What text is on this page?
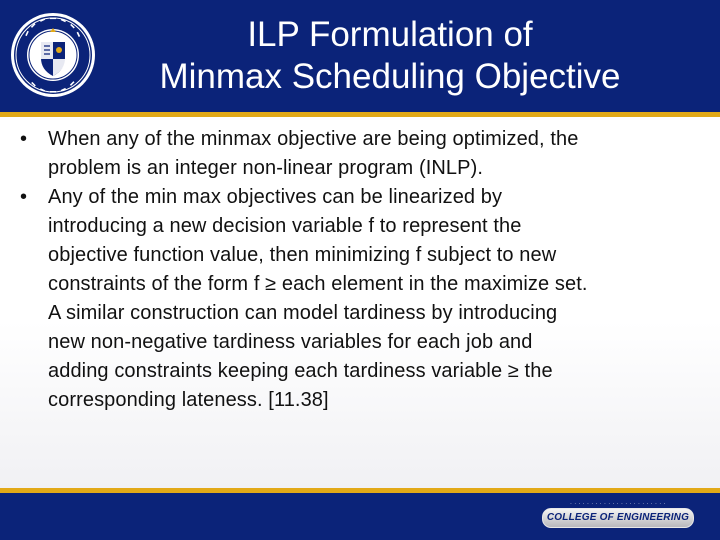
ILP Formulation of
Minmax Scheduling Objective
•	When any of the minmax objective are being optimized, the
problem is an integer non-linear program (INLP).
•	Any of the min max objectives can be linearized by
introducing a new decision variable f to represent the
objective function value, then minimizing f subject to new
constraints of the form f ≥ each element in the maximize set.
A similar construction can model tardiness by introducing
new non-negative tardiness variables for each job and
adding constraints keeping each tardiness variable ≥ the
corresponding lateness. [11.38]
· · · · · · · · · · · · · · · · · · · · · · ·
COLLEGE OF ENGINEERING
